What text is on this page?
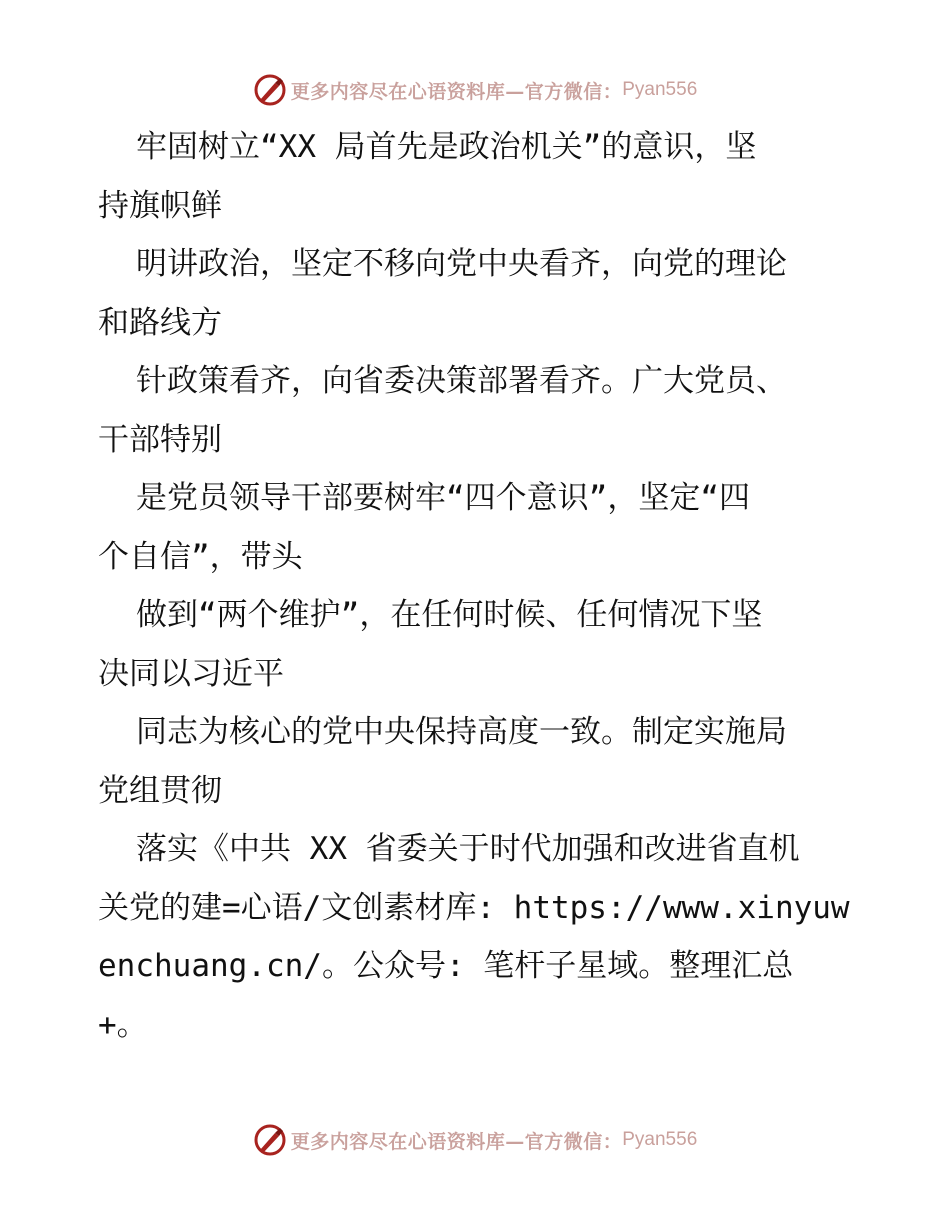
更多内容尽在心语资料库—官方微信： Pyan556
牢固树立“XX 局首先是政治机关”的意识，坚
持旗帜鲜
明讲政治，坚定不移向党中央看齐，向党的理论
和路线方
针政策看齐，向省委决策部署看齐。广大党员、
干部特别
是党员领导干部要树牢“四个意识”，坚定“四
个自信”，带头
做到“两个维护”，在任何时候、任何情况下坚
决同以习近平
同志为核心的党中央保持高度一致。制定实施局
党组贯彻
落实《中共 XX 省委关于时代加强和改进省直机
关党的建=心语/文创素材库: https://www.xinyuw
enchuang.cn/。公众号: 笔杆子星域。整理汇总
+。
更多内容尽在心语资料库—官方微信： Pyan556
